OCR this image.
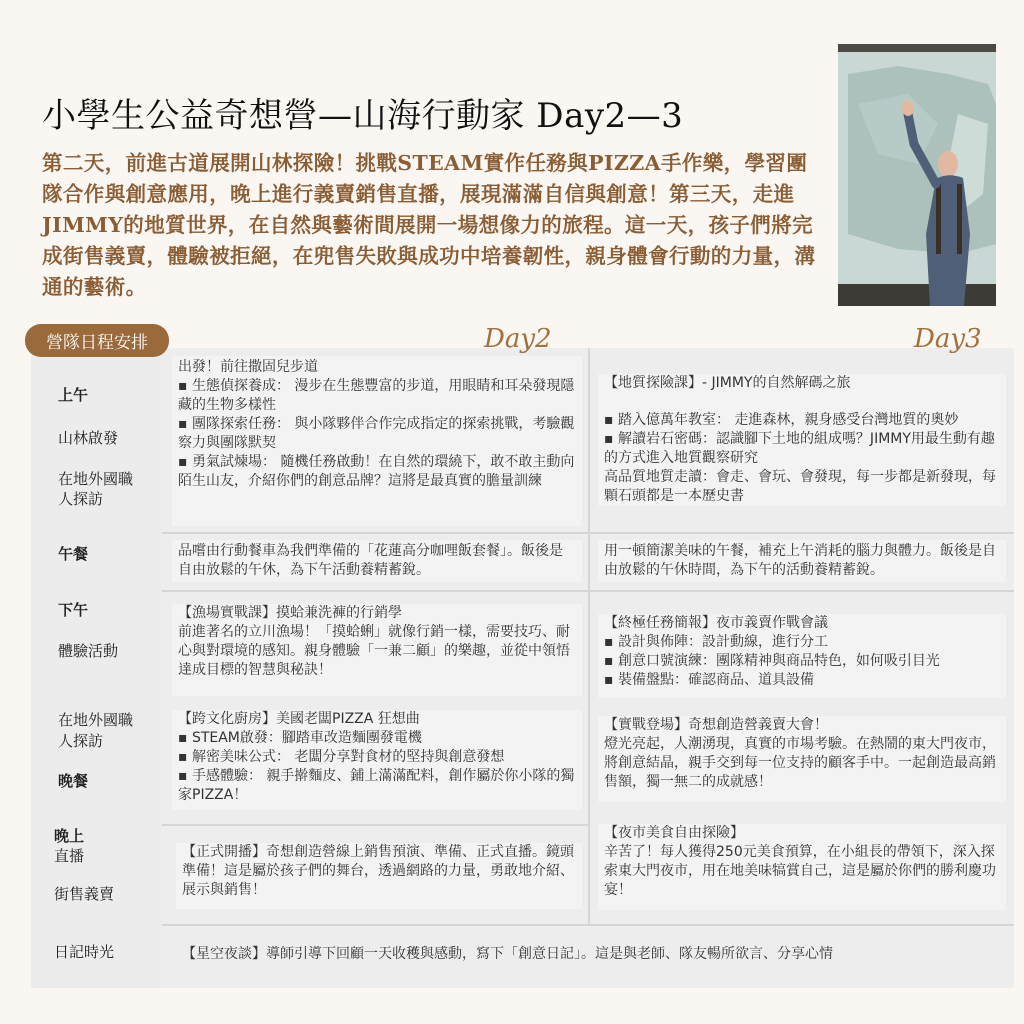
小學生公益奇想營—山海行動家 Day2—3
第二天，前進古道展開山林探險！挑戰STEAM實作任務與PIZZA手作樂，學習團隊合作與創意應用，晚上進行義賣銷售直播，展現滿滿自信與創意！第三天，走進JIMMY的地質世界，在自然與藝術間展開一場想像力的旅程。這一天，孩子們將完成街售義賣，體驗被拒絕，在兜售失敗與成功中培養韌性，親身體會行動的力量，溝通的藝術。
營隊日程安排	Day2	Day3
上午
山林啟發
在地外國職
人探訪
午餐
下午
體驗活動
在地外國職
人探訪
晚餐
晚上
直播
街售義賣
日記時光

出發！前往撒固兒步道

▪ 生態偵探養成： 漫步在生態豐富的步道，用眼睛和耳朵發現隱藏的生物多樣性

▪ 團隊探索任務： 與小隊夥伴合作完成指定的探索挑戰，考驗觀察力與團隊默契

▪ 勇氣試煉場： 隨機任務啟動！在自然的環繞下，敢不敢主動向陌生山友，介紹你們的創意品牌？這將是最真實的膽量訓練

品嚐由行動餐車為我們準備的「花蓮高分咖哩飯套餐」。飯後是自由放鬆的午休，為下午活動養精蓄銳。

【漁場實戰課】摸蛤兼洗褲的行銷學

前進著名的立川漁場！「摸蛤蜊」就像行銷一樣，需要技巧、耐心與對環境的感知。親身體驗「一兼二顧」的樂趣，並從中領悟達成目標的智慧與秘訣！

【跨文化廚房】美國老闆PIZZA 狂想曲

▪ STEAM啟發：腳踏車改造麵團發電機

▪ 解密美味公式： 老闆分享對食材的堅持與創意發想

▪ 手感體驗： 親手擀麵皮、鋪上滿滿配料，創作屬於你小隊的獨家PIZZA！

【正式開播】奇想創造營線上銷售預演、準備、正式直播。鏡頭準備！這是屬於孩子們的舞台，透過網路的力量，勇敢地介紹、展示與銷售！

【地質探險課】- JIMMY的自然解碼之旅

▪ 踏入億萬年教室： 走進森林，親身感受台灣地質的奧妙

▪ 解讀岩石密碼：認識腳下土地的組成嗎？JIMMY用最生動有趣的方式進入地質觀察研究

高品質地質走讀：會走、會玩、會發現，每一步都是新發現，每顆石頭都是一本歷史書

用一頓簡潔美味的午餐，補充上午消耗的腦力與體力。飯後是自由放鬆的午休時間，為下午的活動養精蓄銳。

【終極任務簡報】夜市義賣作戰會議

▪ 設計與佈陣：設計動線，進行分工

▪ 創意口號演練：團隊精神與商品特色，如何吸引目光

▪ 裝備盤點：確認商品、道具設備

【實戰登場】奇想創造營義賣大會！

燈光亮起，人潮湧現，真實的市場考驗。在熱鬧的東大門夜市，將創意結晶，親手交到每一位支持的顧客手中。一起創造最高銷售額，獨一無二的成就感！

【夜市美食自由探險】

辛苦了！每人獲得250元美食預算，在小組長的帶領下，深入探索東大門夜市，用在地美味犒賞自己，這是屬於你們的勝利慶功宴！

【星空夜談】導師引導下回顧一天收穫與感動，寫下「創意日記」。這是與老師、隊友暢所欲言、分享心情
